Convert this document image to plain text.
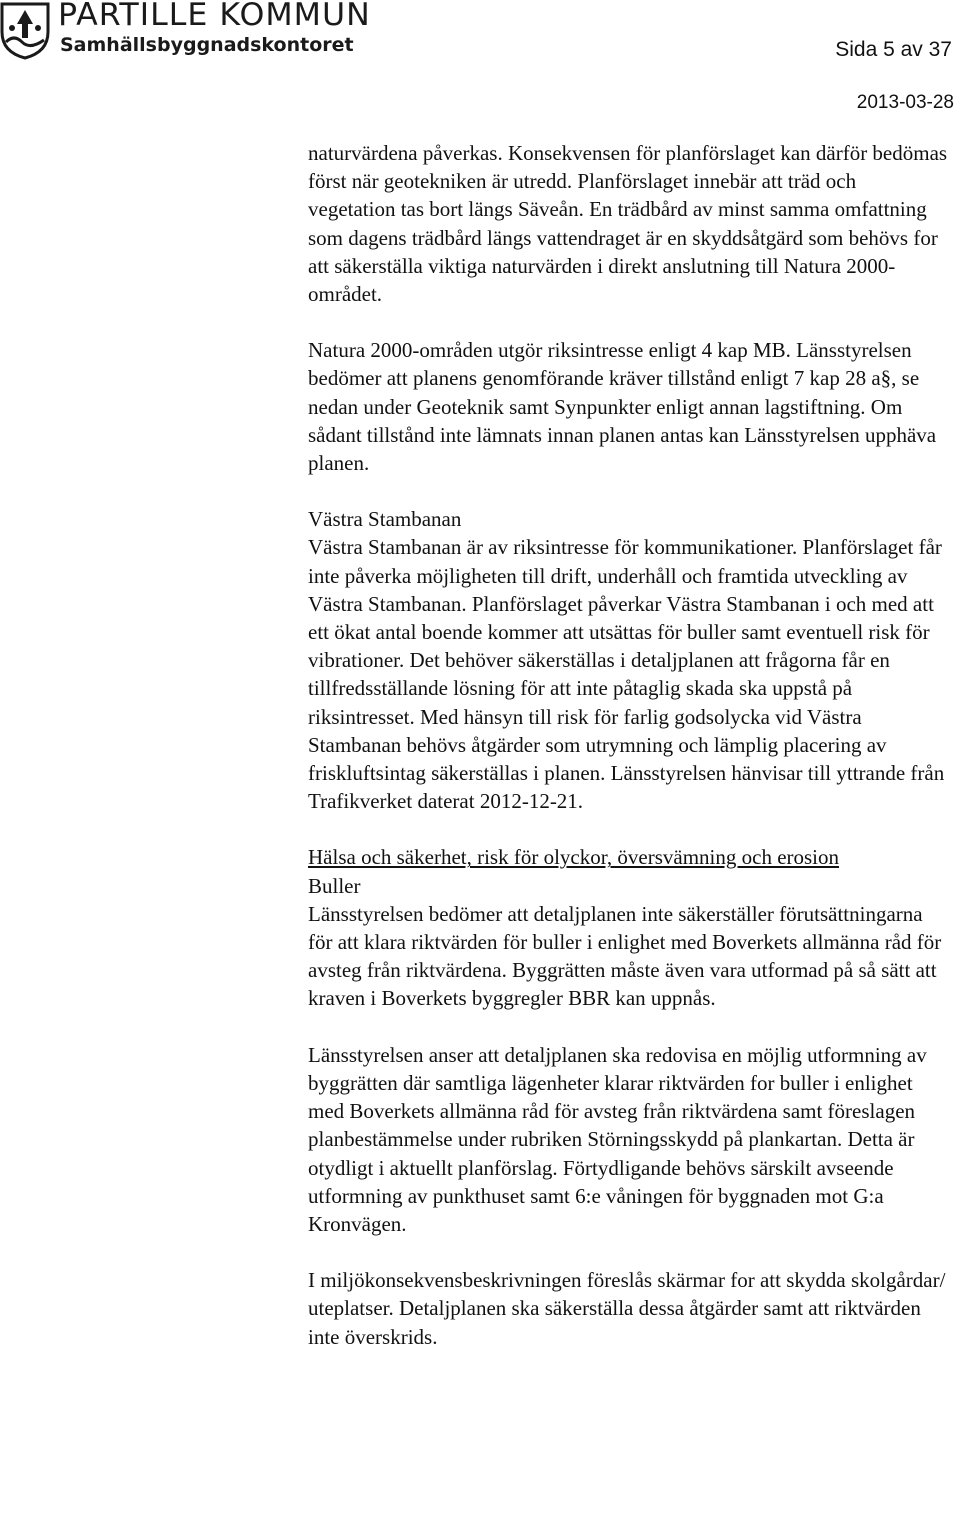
PARTILLE KOMMUN
Samhällsbyggnadskontoret	Sida 5 av 37
2013-03-28

naturvärdena påverkas. Konsekvensen för planförslaget kan därför bedömas först när geotekniken är utredd. Planförslaget innebär att träd och vegetation tas bort längs Säveån. En trädbård av minst samma omfattning som dagens trädbård längs vattendraget är en skyddsåtgärd som behövs for att säkerställa viktiga naturvärden i direkt anslutning till Natura 2000-området.

Natura 2000-områden utgör riksintresse enligt 4 kap MB. Länsstyrelsen bedömer att planens genomförande kräver tillstånd enligt 7 kap 28 a§, se nedan under Geoteknik samt Synpunkter enligt annan lagstiftning. Om sådant tillstånd inte lämnats innan planen antas kan Länsstyrelsen upphäva planen.

Västra Stambanan

Västra Stambanan är av riksintresse för kommunikationer. Planförslaget får inte påverka möjligheten till drift, underhåll och framtida utveckling av Västra Stambanan. Planförslaget påverkar Västra Stambanan i och med att ett ökat antal boende kommer att utsättas för buller samt eventuell risk för vibrationer. Det behöver säkerställas i detaljplanen att frågorna får en tillfredsställande lösning för att inte påtaglig skada ska uppstå på riksintresset. Med hänsyn till risk för farlig godsolycka vid Västra Stambanan behövs åtgärder som utrymning och lämplig placering av friskluftsintag säkerställas i planen. Länsstyrelsen hänvisar till yttrande från Trafikverket daterat 2012-12-21.

Hälsa och säkerhet, risk för olyckor, översvämning och erosion

Buller

Länsstyrelsen bedömer att detaljplanen inte säkerställer förutsättningarna för att klara riktvärden för buller i enlighet med Boverkets allmänna råd för avsteg från riktvärdena. Byggrätten måste även vara utformad på så sätt att kraven i Boverkets byggregler BBR kan uppnås.

Länsstyrelsen anser att detaljplanen ska redovisa en möjlig utformning av byggrätten där samtliga lägenheter klarar riktvärden for buller i enlighet med Boverkets allmänna råd för avsteg från riktvärdena samt föreslagen planbestämmelse under rubriken Störningsskydd på plankartan. Detta är otydligt i aktuellt planförslag. Förtydligande behövs särskilt avseende utformning av punkthuset samt 6:e våningen för byggnaden mot G:a Kronvägen.

I miljökonsekvensbeskrivningen föreslås skärmar for att skydda skolgårdar/ uteplatser. Detaljplanen ska säkerställa dessa åtgärder samt att riktvärden inte överskrids.
